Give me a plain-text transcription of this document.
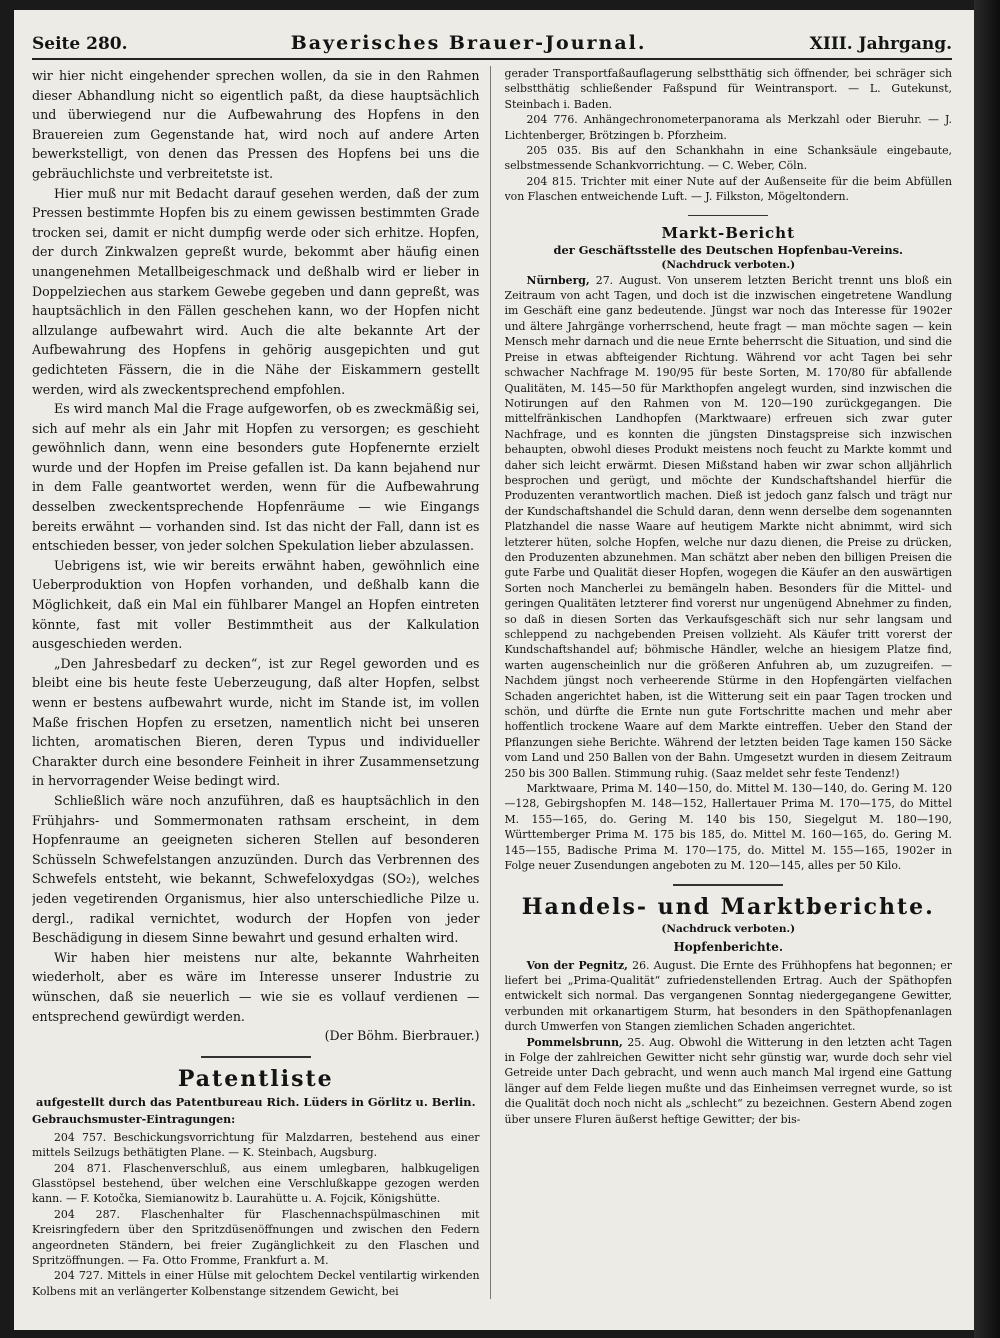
Seite 280.	Bayerisches Brauer-Journal.	XIII. Jahrgang.

wir hier nicht eingehender sprechen wollen, da sie in den Rahmen dieser Abhandlung nicht so eigentlich paßt, da diese hauptsächlich und überwiegend nur die Aufbewahrung des Hopfens in den Brauereien zum Gegenstande hat, wird noch auf andere Arten bewerkstelligt, von denen das Pressen des Hopfens bei uns die gebräuchlichste und verbreitetste ist.

Hier muß nur mit Bedacht darauf gesehen werden, daß der zum Pressen bestimmte Hopfen bis zu einem gewissen bestimmten Grade trocken sei, damit er nicht dumpfig werde oder sich erhitze. Hopfen, der durch Zinkwalzen gepreßt wurde, bekommt aber häufig einen unangenehmen Metallbeigeschmack und deßhalb wird er lieber in Doppelziechen aus starkem Gewebe gegeben und dann gepreßt, was hauptsächlich in den Fällen geschehen kann, wo der Hopfen nicht allzulange aufbewahrt wird. Auch die alte bekannte Art der Aufbewahrung des Hopfens in gehörig ausgepichten und gut gedichteten Fässern, die in die Nähe der Eiskammern gestellt werden, wird als zweckentsprechend empfohlen.

Es wird manch Mal die Frage aufgeworfen, ob es zweckmäßig sei, sich auf mehr als ein Jahr mit Hopfen zu versorgen; es geschieht gewöhnlich dann, wenn eine besonders gute Hopfenernte erzielt wurde und der Hopfen im Preise gefallen ist. Da kann bejahend nur in dem Falle geantwortet werden, wenn für die Aufbewahrung desselben zweckentsprechende Hopfenräume — wie Eingangs bereits erwähnt — vorhanden sind. Ist das nicht der Fall, dann ist es entschieden besser, von jeder solchen Spekulation lieber abzulassen.

Uebrigens ist, wie wir bereits erwähnt haben, gewöhnlich eine Ueberproduktion von Hopfen vorhanden, und deßhalb kann die Möglichkeit, daß ein Mal ein fühlbarer Mangel an Hopfen eintreten könnte, fast mit voller Bestimmtheit aus der Kalkulation ausgeschieden werden.

„Den Jahresbedarf zu decken“, ist zur Regel geworden und es bleibt eine bis heute feste Ueberzeugung, daß alter Hopfen, selbst wenn er bestens aufbewahrt wurde, nicht im Stande ist, im vollen Maße frischen Hopfen zu ersetzen, namentlich nicht bei unseren lichten, aromatischen Bieren, deren Typus und individueller Charakter durch eine besondere Feinheit in ihrer Zusammensetzung in hervorragender Weise bedingt wird.

Schließlich wäre noch anzuführen, daß es hauptsächlich in den Frühjahrs- und Sommermonaten rathsam erscheint, in dem Hopfenraume an geeigneten sicheren Stellen auf besonderen Schüsseln Schwefelstangen anzuzünden. Durch das Verbrennen des Schwefels entsteht, wie bekannt, Schwefeloxydgas (SO₂), welches jeden vegetirenden Organismus, hier also unterschiedliche Pilze u. dergl., radikal vernichtet, wodurch der Hopfen von jeder Beschädigung in diesem Sinne bewahrt und gesund erhalten wird.

Wir haben hier meistens nur alte, bekannte Wahrheiten wiederholt, aber es wäre im Interesse unserer Industrie zu wünschen, daß sie neuerlich — wie sie es vollauf verdienen — entsprechend gewürdigt werden.

(Der Böhm. Bierbrauer.)

Patentliste
aufgestellt durch das Patentbureau Rich. Lüders in Görlitz u. Berlin.
Gebrauchsmuster-Eintragungen:

204 757. Beschickungsvorrichtung für Malzdarren, bestehend aus einer mittels Seilzugs bethätigten Plane. — K. Steinbach, Augsburg.

204 871. Flaschenverschluß, aus einem umlegbaren, halbkugeligen Glasstöpsel bestehend, über welchen eine Verschlußkappe gezogen werden kann. — F. Kotočka, Siemianowitz b. Laurahütte u. A. Fojcik, Königshütte.

204 287. Flaschenhalter für Flaschennachspülmaschinen mit Kreisringfedern über den Spritzdüsenöffnungen und zwischen den Federn angeordneten Ständern, bei freier Zugänglichkeit zu den Flaschen und Spritzöffnungen. — Fa. Otto Fromme, Frankfurt a. M.

204 727. Mittels in einer Hülse mit gelochtem Deckel ventilartig wirkenden Kolbens mit an verlängerter Kolbenstange sitzendem Gewicht, bei

gerader Transportfaßauflagerung selbstthätig sich öffnender, bei schräger sich selbstthätig schließender Faßspund für Weintransport. — L. Gutekunst, Steinbach i. Baden.

204 776. Anhängechronometerpanorama als Merkzahl oder Bieruhr. — J. Lichtenberger, Brötzingen b. Pforzheim.

205 035. Bis auf den Schankhahn in eine Schanksäule eingebaute, selbstmessende Schankvorrichtung. — C. Weber, Cöln.

204 815. Trichter mit einer Nute auf der Außenseite für die beim Abfüllen von Flaschen entweichende Luft. — J. Filkston, Mögeltondern.

Markt-Bericht
der Geschäftsstelle des Deutschen Hopfenbau-Vereins.
(Nachdruck verboten.)

Nürnberg, 27. August. Von unserem letzten Bericht trennt uns bloß ein Zeitraum von acht Tagen, und doch ist die inzwischen eingetretene Wandlung im Geschäft eine ganz bedeutende. Jüngst war noch das Interesse für 1902er und ältere Jahrgänge vorherrschend, heute fragt — man möchte sagen — kein Mensch mehr darnach und die neue Ernte beherrscht die Situation, und sind die Preise in etwas abfteigender Richtung. Während vor acht Tagen bei sehr schwacher Nachfrage M. 190/95 für beste Sorten, M. 170/80 für abfallende Qualitäten, M. 145—50 für Markthopfen angelegt wurden, sind inzwischen die Notirungen auf den Rahmen von M. 120—190 zurückgegangen. Die mittelfränkischen Landhopfen (Marktwaare) erfreuen sich zwar guter Nachfrage, und es konnten die jüngsten Dinstagspreise sich inzwischen behaupten, obwohl dieses Produkt meistens noch feucht zu Markte kommt und daher sich leicht erwärmt. Diesen Mißstand haben wir zwar schon alljährlich besprochen und gerügt, und möchte der Kundschaftshandel hierfür die Produzenten verantwortlich machen. Dieß ist jedoch ganz falsch und trägt nur der Kundschaftshandel die Schuld daran, denn wenn derselbe dem sogenannten Platzhandel die nasse Waare auf heutigem Markte nicht abnimmt, wird sich letzterer hüten, solche Hopfen, welche nur dazu dienen, die Preise zu drücken, den Produzenten abzunehmen. Man schätzt aber neben den billigen Preisen die gute Farbe und Qualität dieser Hopfen, wogegen die Käufer an den auswärtigen Sorten noch Mancherlei zu bemängeln haben. Besonders für die Mittel- und geringen Qualitäten letzterer find vorerst nur ungenügend Abnehmer zu finden, so daß in diesen Sorten das Verkaufsgeschäft sich nur sehr langsam und schleppend zu nachgebenden Preisen vollzieht. Als Käufer tritt vorerst der Kundschaftshandel auf; böhmische Händler, welche an hiesigem Platze find, warten augenscheinlich nur die größeren Anfuhren ab, um zuzugreifen. — Nachdem jüngst noch verheerende Stürme in den Hopfengärten vielfachen Schaden angerichtet haben, ist die Witterung seit ein paar Tagen trocken und schön, und dürfte die Ernte nun gute Fortschritte machen und mehr aber hoffentlich trockene Waare auf dem Markte eintreffen. Ueber den Stand der Pflanzungen siehe Berichte. Während der letzten beiden Tage kamen 150 Säcke vom Land und 250 Ballen von der Bahn. Umgesetzt wurden in diesem Zeitraum 250 bis 300 Ballen. Stimmung ruhig. (Saaz meldet sehr feste Tendenz!)

Marktwaare, Prima M. 140—150, do. Mittel M. 130—140, do. Gering M. 120—128, Gebirgshopfen M. 148—152, Hallertauer Prima M. 170—175, do Mittel M. 155—165, do. Gering M. 140 bis 150, Siegelgut M. 180—190, Württemberger Prima M. 175 bis 185, do. Mittel M. 160—165, do. Gering M. 145—155, Badische Prima M. 170—175, do. Mittel M. 155—165, 1902er in Folge neuer Zusendungen angeboten zu M. 120—145, alles per 50 Kilo.

Handels- und Marktberichte.
(Nachdruck verboten.)
Hopfenberichte.

Von der Pegnitz, 26. August. Die Ernte des Frühhopfens hat begonnen; er liefert bei „Prima-Qualität“ zufriedenstellenden Ertrag. Auch der Späthopfen entwickelt sich normal. Das vergangenen Sonntag niedergegangene Gewitter, verbunden mit orkanartigem Sturm, hat besonders in den Späthopfenanlagen durch Umwerfen von Stangen ziemlichen Schaden angerichtet.

Pommelsbrunn, 25. Aug. Obwohl die Witterung in den letzten acht Tagen in Folge der zahlreichen Gewitter nicht sehr günstig war, wurde doch sehr viel Getreide unter Dach gebracht, und wenn auch manch Mal irgend eine Gattung länger auf dem Felde liegen mußte und das Einheimsen verregnet wurde, so ist die Qualität doch noch nicht als „schlecht“ zu bezeichnen. Gestern Abend zogen über unsere Fluren äußerst heftige Gewitter; der bis-
